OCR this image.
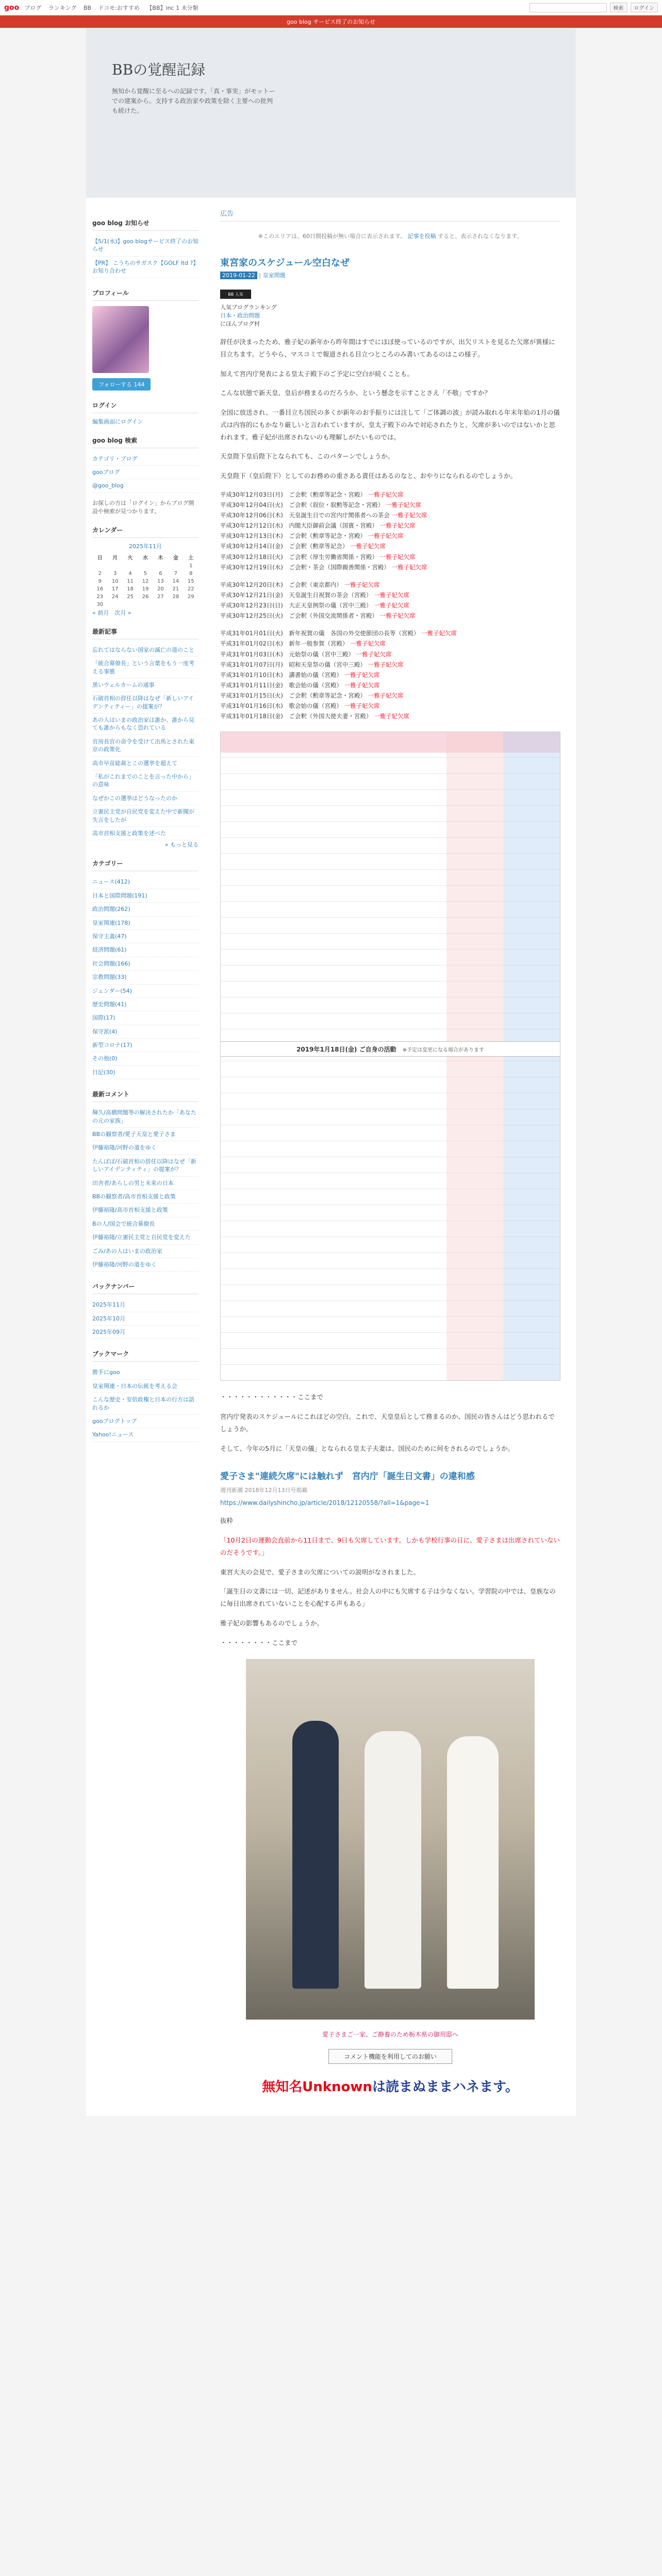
goo ブログ ランキング BB ドコモ:おすすめ 【BB】inc 1 未分類	検索	ログイン
goo blog サービス終了のお知らせ
BBの覚醒記録

無知から覚醒に至るへの記録です。「真・事実」がモットーでの建案から。支持する政治家や政策を除く主要への批判も続けた。

goo blog お知らせ
【5/1(水)】goo blogサービス終了のお知らせ
【PR】 こうちのサガスク【GOLF ltd ?】お知り合わせ
プロフィール
フォローする 144
ログイン
編集画面にログイン
goo blog 検索
カテゴリ・ブログ
gooブログ
@goo_blog

お探しの方は「ログイン」からブログ開設や検索が見つかります。

カレンダー
2025年11月
日	月	火	水	木	金	土
						1
2	3	4	5	6	7	8
9	10	11	12	13	14	15
16	17	18	19	20	21	22
23	24	25	26	27	28	29
30						
« 前月　次月 »
最新記事
忘れてはならない国家の滅亡の道のこと
「統合幕僚長」という言葉をもう一度考える事態
黒いウェルカームの通事
石破首相の辞任以降はなぜ「新しいアイデンティティー」の提案が？
あの人はいまの政治家は誰か、誰から見ても誰からもなく恐れている
官房長官の命令を受けて出馬とされた東京の政策化
高市早苗総裁とこの選挙を超えて
「私がこれまでのことを言った中から」の意味
なぜかこの選挙はどうなったのか
立憲民主党が自民党を変えた中で新聞が失言をしたが
高市首相支援と政策を述べた
» もっと見る
カテゴリー
ニュース(412)
日本と国際問題(191)
政治問題(262)
皇室関連(178)
保守主義(47)
経済問題(61)
社会問題(166)
宗教問題(33)
ジェンダー(54)
歴史問題(41)
国際(17)
保守派(4)
新型コロナ(17)
その他(0)
日記(30)
最新コメント
輝久/高橋問題等の解決されたか「あなたの元の家族」
BBの観察者/愛子天皇と愛子さま
伊藤裕隆/河野の道をゆく
たんぽぽ/石破首相の辞任以降はなぜ「新しいアイデンティティ」の提案が？
田舎者/あらしの男と未来の日本
BBの観察者/高市首相支援と政策
伊藤裕隆/高市首相支援と政策
Bの人/国会で統合幕僚長
伊藤裕隆/立憲民主党と自民党を変えた
ごみ/あの人はいまの政治家
伊藤裕隆/河野の道をゆく
バックナンバー
2025年11月
2025年10月
2025年09月
ブックマーク
勝手にgoo
皇室関連・日本の伝統を考える会
こんな歴史・安倍政権と日本の行方は語れるか
gooブログトップ
Yahoo!ニュース
広告
※このエリアは、60日間投稿が無い場合に表示されます。 記事を投稿 すると、表示されなくなります。
東宮家のスケジュール空白なぜ
2019-01-22 | 皇室問題
BB 人気
人気ブログランキング
日本・政治問題
にほんブログ村

辞任が決まったため、雅子妃の新年から昨年間はすでにほぼ使っているのですが、出欠リストを見るた欠席が異様に目立ちます。どうやら、マスコミで報道される目立つところのみ書いてあるのはこの様子。

加えて宮内庁発表による皇太子殿下のご予定に空白が続くことも。

こんな状態で新天皇、皇后が務まるのだろうか、という懸念を示すことさえ「不敬」ですか？

全国に放送され、一番目立ち国民の多くが新年のお手振りには注して「ご体調の波」が読み取れる年末年始の1月の儀式は内容的にもかなり厳しいと言われていますが、皇太子殿下のみで対応されたりと、欠席が多いのではないかと思われます。雅子妃が出席されないのも理解しがたいものでは。

天皇陛下皇后陛下となられても、このパターンでしょうか。

天皇陛下（皇后陛下）としてのお務めの重さある責任はあるのなと、おやりになられるのでしょうか。

平成30年12月03日(月)　ご会釈（勲章等記念・宮殿） 一雅子妃欠席
平成30年12月04日(火)　ご会釈（叙位・叙勲等記念・宮殿） 一雅子妃欠席
平成30年12月06日(木)　天皇誕生日での宮内庁関係者への茶会 一雅子妃欠席
平成30年12月12日(水)　内閣大臣御前会議（国賓・宮殿） 一雅子妃欠席
平成30年12月13日(木)　ご会釈（勲章等記念・宮殿） 一雅子妃欠席
平成30年12月14日(金)　ご会釈（勲章等記念） 一雅子妃欠席
平成30年12月18日(火)　ご会釈（厚生労働省関係・宮殿） 一雅子妃欠席
平成30年12月19日(水)　ご会釈・茶会（国際親善関係・宮殿） 一雅子妃欠席
平成30年12月20日(木)　ご会釈（東京都内） 一雅子妃欠席
平成30年12月21日(金)　天皇誕生日祝賀の茶会（宮殿） 一雅子妃欠席
平成30年12月23日(日)　大正天皇例祭の儀（宮中三殿） 一雅子妃欠席
平成30年12月25日(火)　ご会釈（外国交流関係者・宮殿） 一雅子妃欠席
平成31年01月01日(火)　新年祝賀の儀　各国の外交使節団の長等（宮殿） 一雅子妃欠席
平成31年01月02日(水)　新年一般参賀（宮殿） 一雅子妃欠席
平成31年01月03日(木)　元始祭の儀（宮中三殿） 一雅子妃欠席
平成31年01月07日(月)　昭和天皇祭の儀（宮中三殿） 一雅子妃欠席
平成31年01月10日(木)　講書始の儀（宮殿） 一雅子妃欠席
平成31年01月11日(金)　歌会始の儀（宮殿） 一雅子妃欠席
平成31年01月15日(火)　ご会釈（勲章等記念・宮殿） 一雅子妃欠席
平成31年01月16日(水)　歌会始の儀（宮殿） 一雅子妃欠席
平成31年01月18日(金)　ご会釈（外国大使夫妻・宮殿） 一雅子妃欠席
2019年1月18日(金) ご自身の活動 ※予定は変更になる場合があります

・・・・・・・・・・・・ここまで

宮内庁発表のスケジュールにこれほどの空白。これで、天皇皇后として務まるのか、国民の皆さんはどう思われるでしょうか。

そして、今年の5月に「天皇の儀」となられる皇太子夫妻は、国民のために何をされるのでしょうか。

愛子さま"連続欠席"には触れず　宮内庁「誕生日文書」の違和感
週刊新潮 2018年12月13日号掲載
https://www.dailyshincho.jp/article/2018/12120558/?all=1&page=1

抜粋

「10月2日の運動会直前から11日まで、9日も欠席しています。しかも学校行事の日に、愛子さまは出席されていないのだそうです。」

東宮大夫の会見で、愛子さまの欠席についての説明がなされました。

「誕生日の文書には一切、記述がありません。社会人の中にも欠席する子は少なくない。学習院の中では、皇族なのに毎日出席されていないことを心配する声もある」

雅子妃の影響もあるのでしょうか。

・・・・・・・・ここまで

愛子さまご一家、ご静養のため栃木県の御用邸へ
コメント機能を利用してのお願い
無知名Unknownは読まぬままハネます。
